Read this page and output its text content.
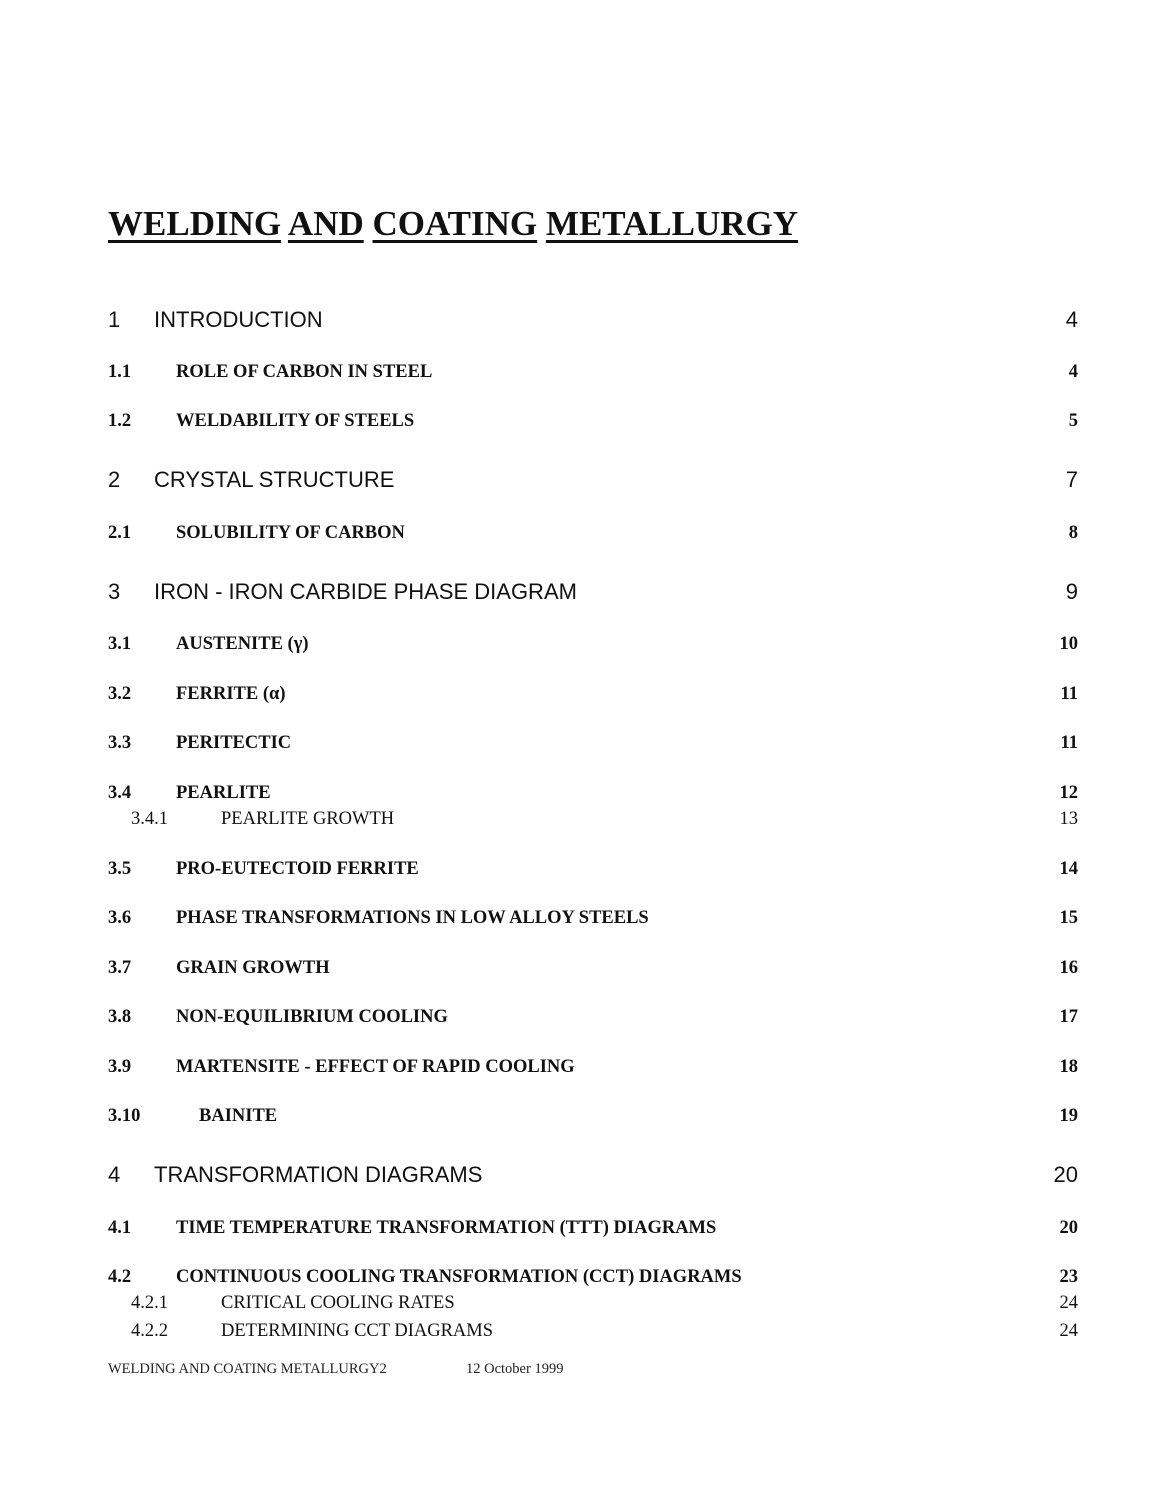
WELDING AND COATING METALLURGY
1 INTRODUCTION	4
1.1 ROLE OF CARBON IN STEEL	4
1.2 WELDABILITY OF STEELS	5
2 CRYSTAL STRUCTURE	7
2.1 SOLUBILITY OF CARBON	8
3 IRON - IRON CARBIDE PHASE DIAGRAM	9
3.1 AUSTENITE (γ)	10
3.2 FERRITE (α)	11
3.3 PERITECTIC	11
3.4 PEARLITE	12
3.4.1	PEARLITE GROWTH	13
3.5 PRO-EUTECTOID FERRITE	14
3.6 PHASE TRANSFORMATIONS IN LOW ALLOY STEELS	15
3.7 GRAIN GROWTH	16
3.8 NON-EQUILIBRIUM COOLING	17
3.9 MARTENSITE - EFFECT OF RAPID COOLING	18
3.10	BAINITE	19
4 TRANSFORMATION DIAGRAMS	20
4.1 TIME TEMPERATURE TRANSFORMATION (TTT) DIAGRAMS	20
4.2 CONTINUOUS COOLING TRANSFORMATION (CCT) DIAGRAMS	23
4.2.1	CRITICAL COOLING RATES	24
4.2.2	DETERMINING CCT DIAGRAMS	24
WELDING AND COATING METALLURGY2	12 October 1999
